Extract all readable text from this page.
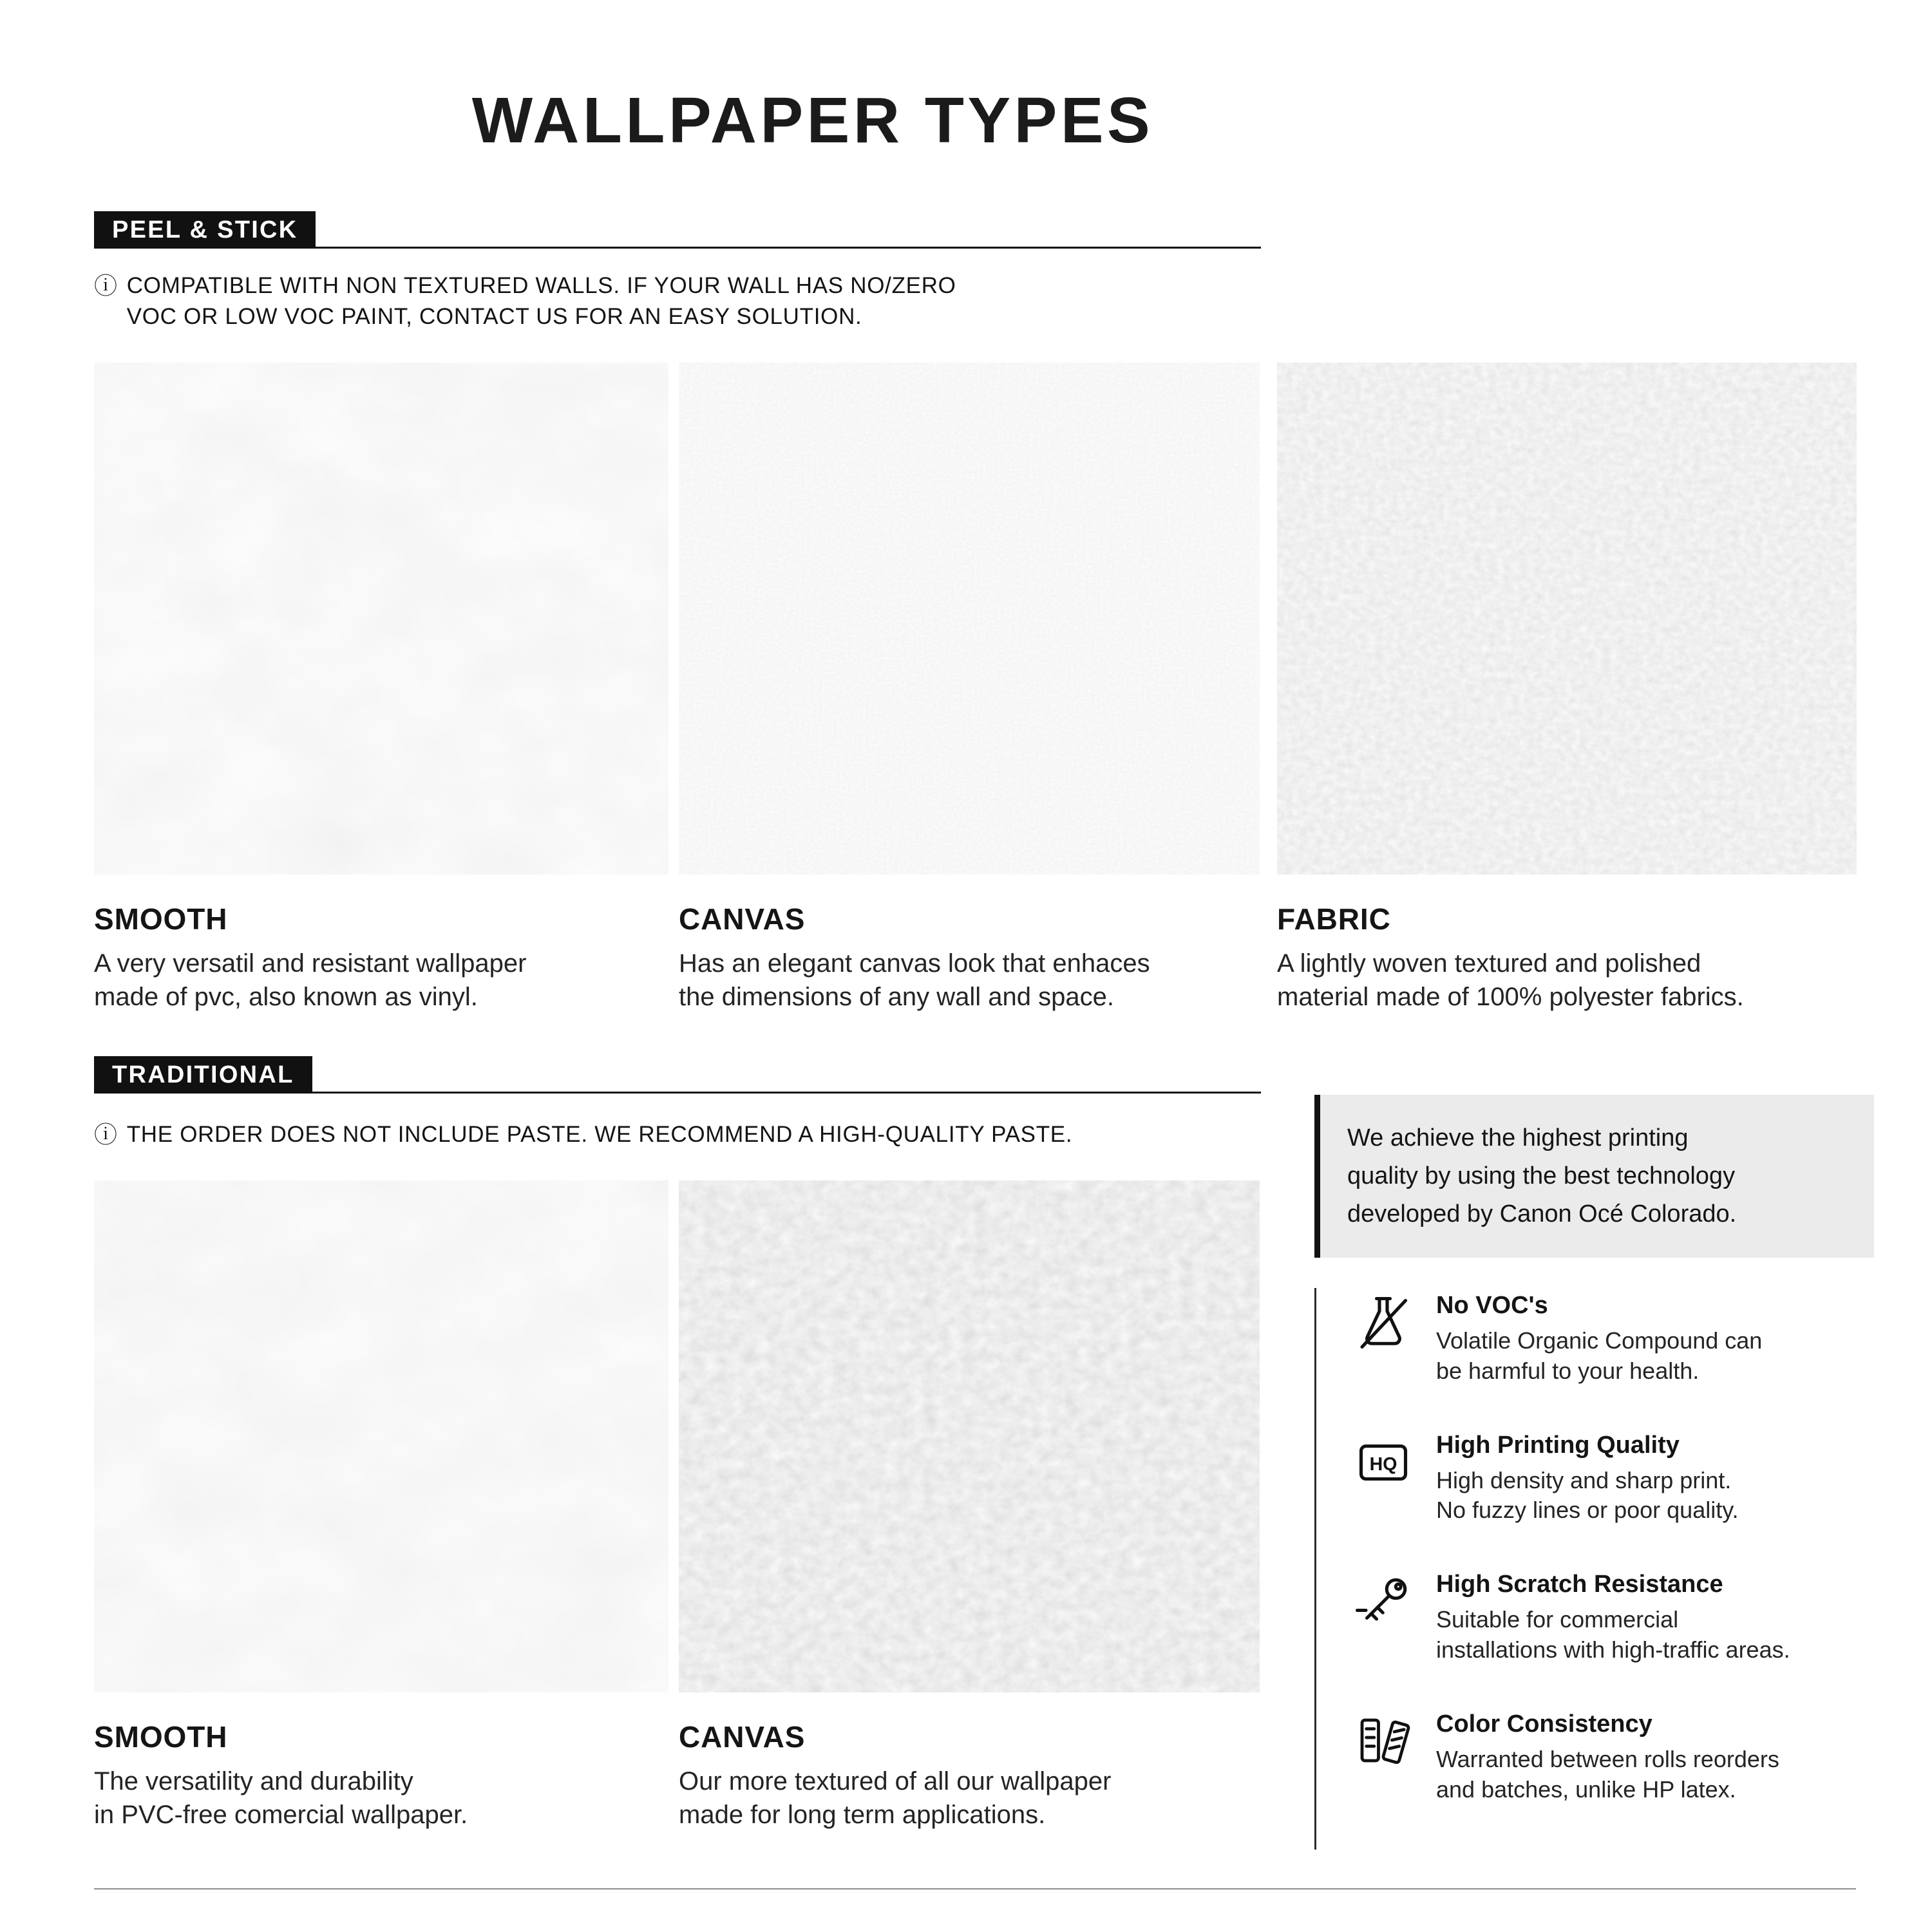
WALLPAPER TYPES
PEEL & STICK
ⓘ COMPATIBLE WITH NON TEXTURED WALLS. IF YOUR WALL HAS NO/ZERO
VOC OR LOW VOC PAINT, CONTACT US FOR AN EASY SOLUTION.
SMOOTH

A very versatil and resistant wallpaper
made of pvc, also known as vinyl.

CANVAS

Has an elegant canvas look that enhaces
the dimensions of any wall and space.

FABRIC

A lightly woven textured and polished
material made of 100% polyester fabrics.

TRADITIONAL
ⓘ THE ORDER DOES NOT INCLUDE PASTE. WE RECOMMEND A HIGH-QUALITY PASTE.
SMOOTH

The versatility and durability
in PVC-free comercial wallpaper.

CANVAS

Our more textured of all our wallpaper
made for long term applications.

We achieve the highest printing
quality by using the best technology
developed by Canon Océ Colorado.
No VOC's
Volatile Organic Compound can
be harmful to your health.
HQ
High Printing Quality
High density and sharp print.
No fuzzy lines or poor quality.
High Scratch Resistance
Suitable for commercial
installations with high-traffic areas.
Color Consistency
Warranted between rolls reorders
and batches, unlike HP latex.
